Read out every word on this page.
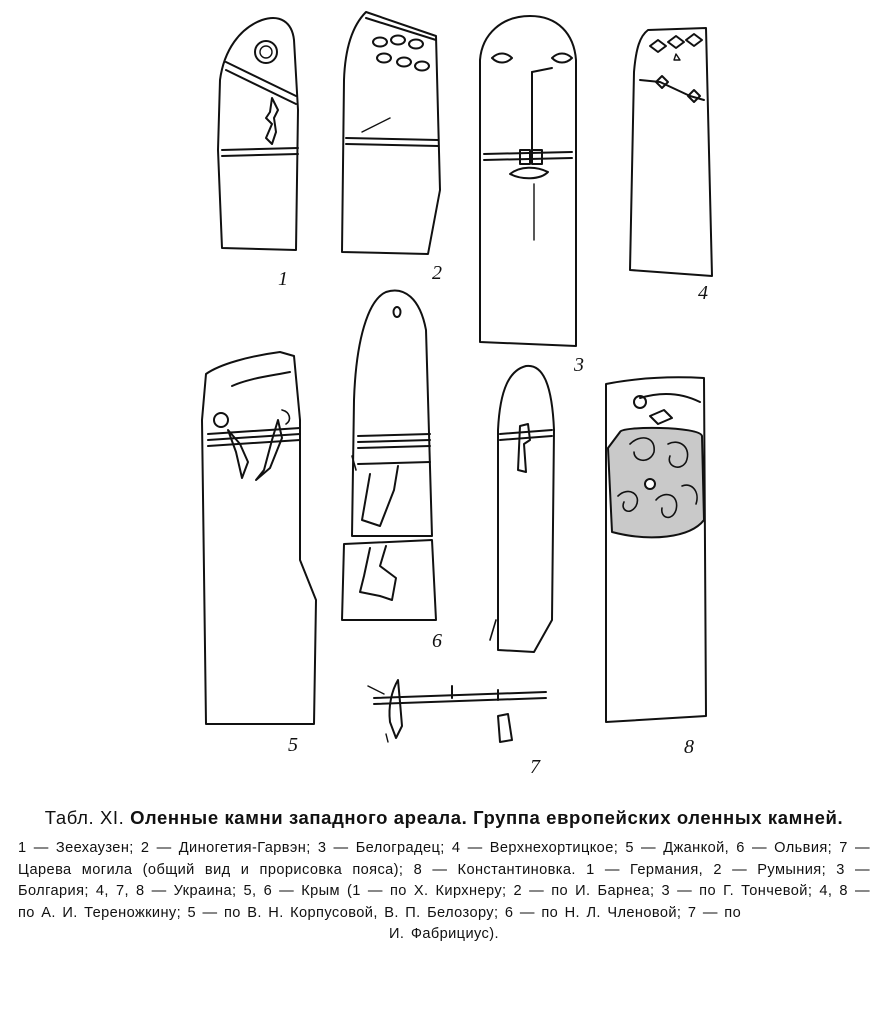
1	2
3
4
5
6
7
8

Табл. XI. Оленные камни западного ареала. Группа европейских оленных камней.

1 — Зеехаузен; 2 — Диногетия-Гарвэн; 3 — Белоградец; 4 — Верхнехортицкое; 5 — Джанкой, 6 — Ольвия; 7 — Царева могила (общий вид и прорисовка пояса); 8 — Константиновка. 1 — Германия, 2 — Румыния; 3 — Болгария; 4, 7, 8 — Украина; 5, 6 — Крым (1 — по Х. Кирхнеру; 2 — по И. Барнеа; 3 — по Г. Тончевой; 4, 8 — по А. И. Тереножкину; 5 — по В. Н. Корпусовой, В. П. Белозору; 6 — по Н. Л. Членовой; 7 — по
И. Фабрициус).
